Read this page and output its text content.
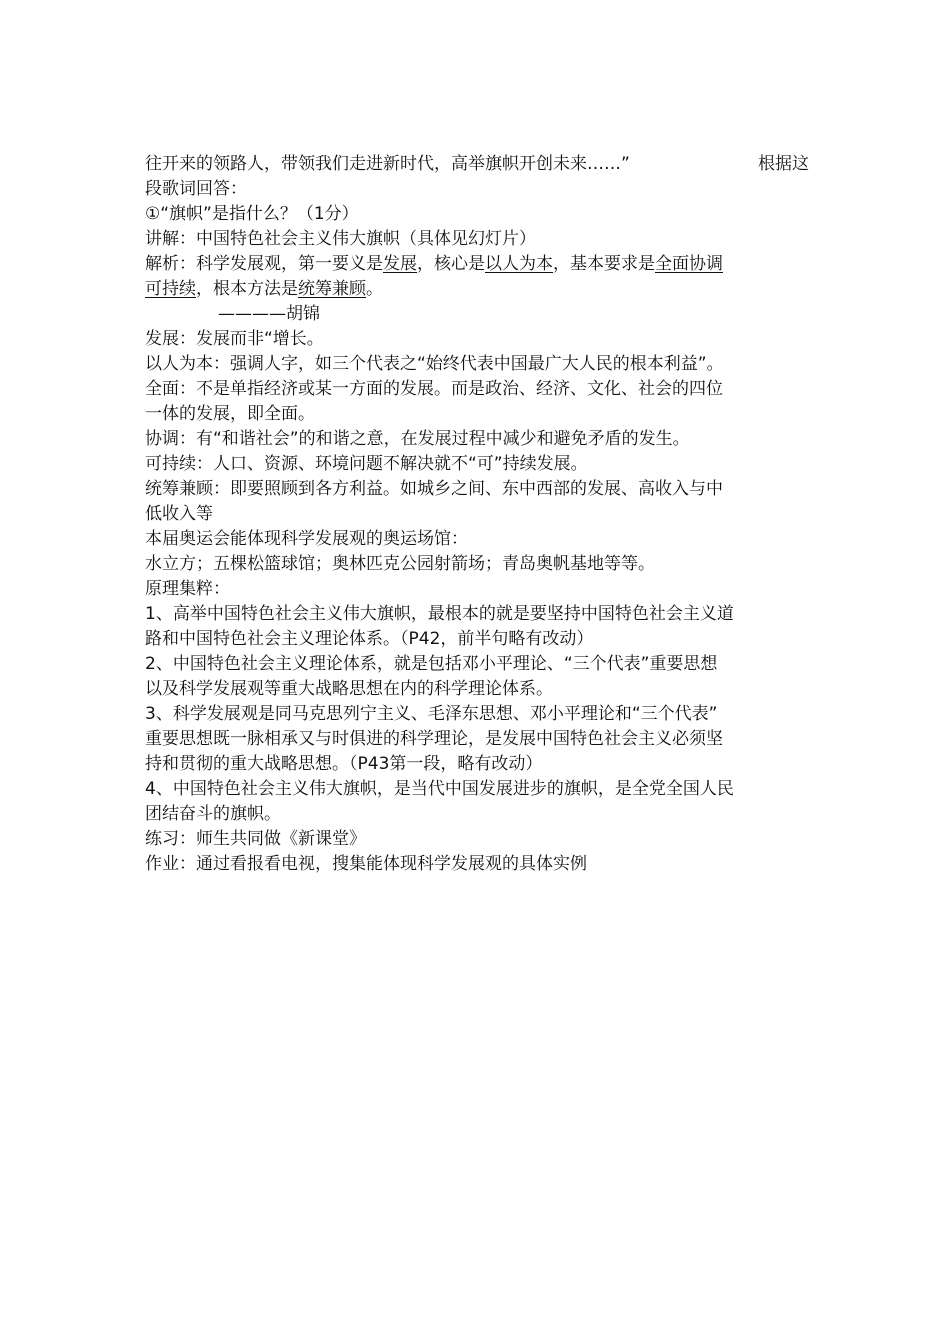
往开来的领路人，带领我们走进新时代，高举旗帜开创未来……”	根据这
段歌词回答：
①“旗帜”是指什么？（1分）
讲解：中国特色社会主义伟大旗帜（具体见幻灯片）
解析：科学发展观，第一要义是发展，核心是以人为本，基本要求是全面协调
可持续，根本方法是统筹兼顾。
————胡锦
发展：发展而非“增长。
以人为本：强调人字，如三个代表之“始终代表中国最广大人民的根本利益”。
全面：不是单指经济或某一方面的发展。而是政治、经济、文化、社会的四位
一体的发展，即全面。
协调：有“和谐社会”的和谐之意，在发展过程中减少和避免矛盾的发生。
可持续：人口、资源、环境问题不解决就不“可”持续发展。
统筹兼顾：即要照顾到各方利益。如城乡之间、东中西部的发展、高收入与中
低收入等
本届奥运会能体现科学发展观的奥运场馆：
水立方；五棵松篮球馆；奥林匹克公园射箭场；青岛奥帆基地等等。
原理集粹：
1、高举中国特色社会主义伟大旗帜，最根本的就是要坚持中国特色社会主义道
路和中国特色社会主义理论体系。（P42，前半句略有改动）
2、中国特色社会主义理论体系，就是包括邓小平理论、“三个代表”重要思想
以及科学发展观等重大战略思想在内的科学理论体系。
3、科学发展观是同马克思列宁主义、毛泽东思想、邓小平理论和“三个代表”
重要思想既一脉相承又与时俱进的科学理论，是发展中国特色社会主义必须坚
持和贯彻的重大战略思想。（P43第一段，略有改动）
4、中国特色社会主义伟大旗帜，是当代中国发展进步的旗帜，是全党全国人民
团结奋斗的旗帜。
练习：师生共同做《新课堂》
作业：通过看报看电视，搜集能体现科学发展观的具体实例
